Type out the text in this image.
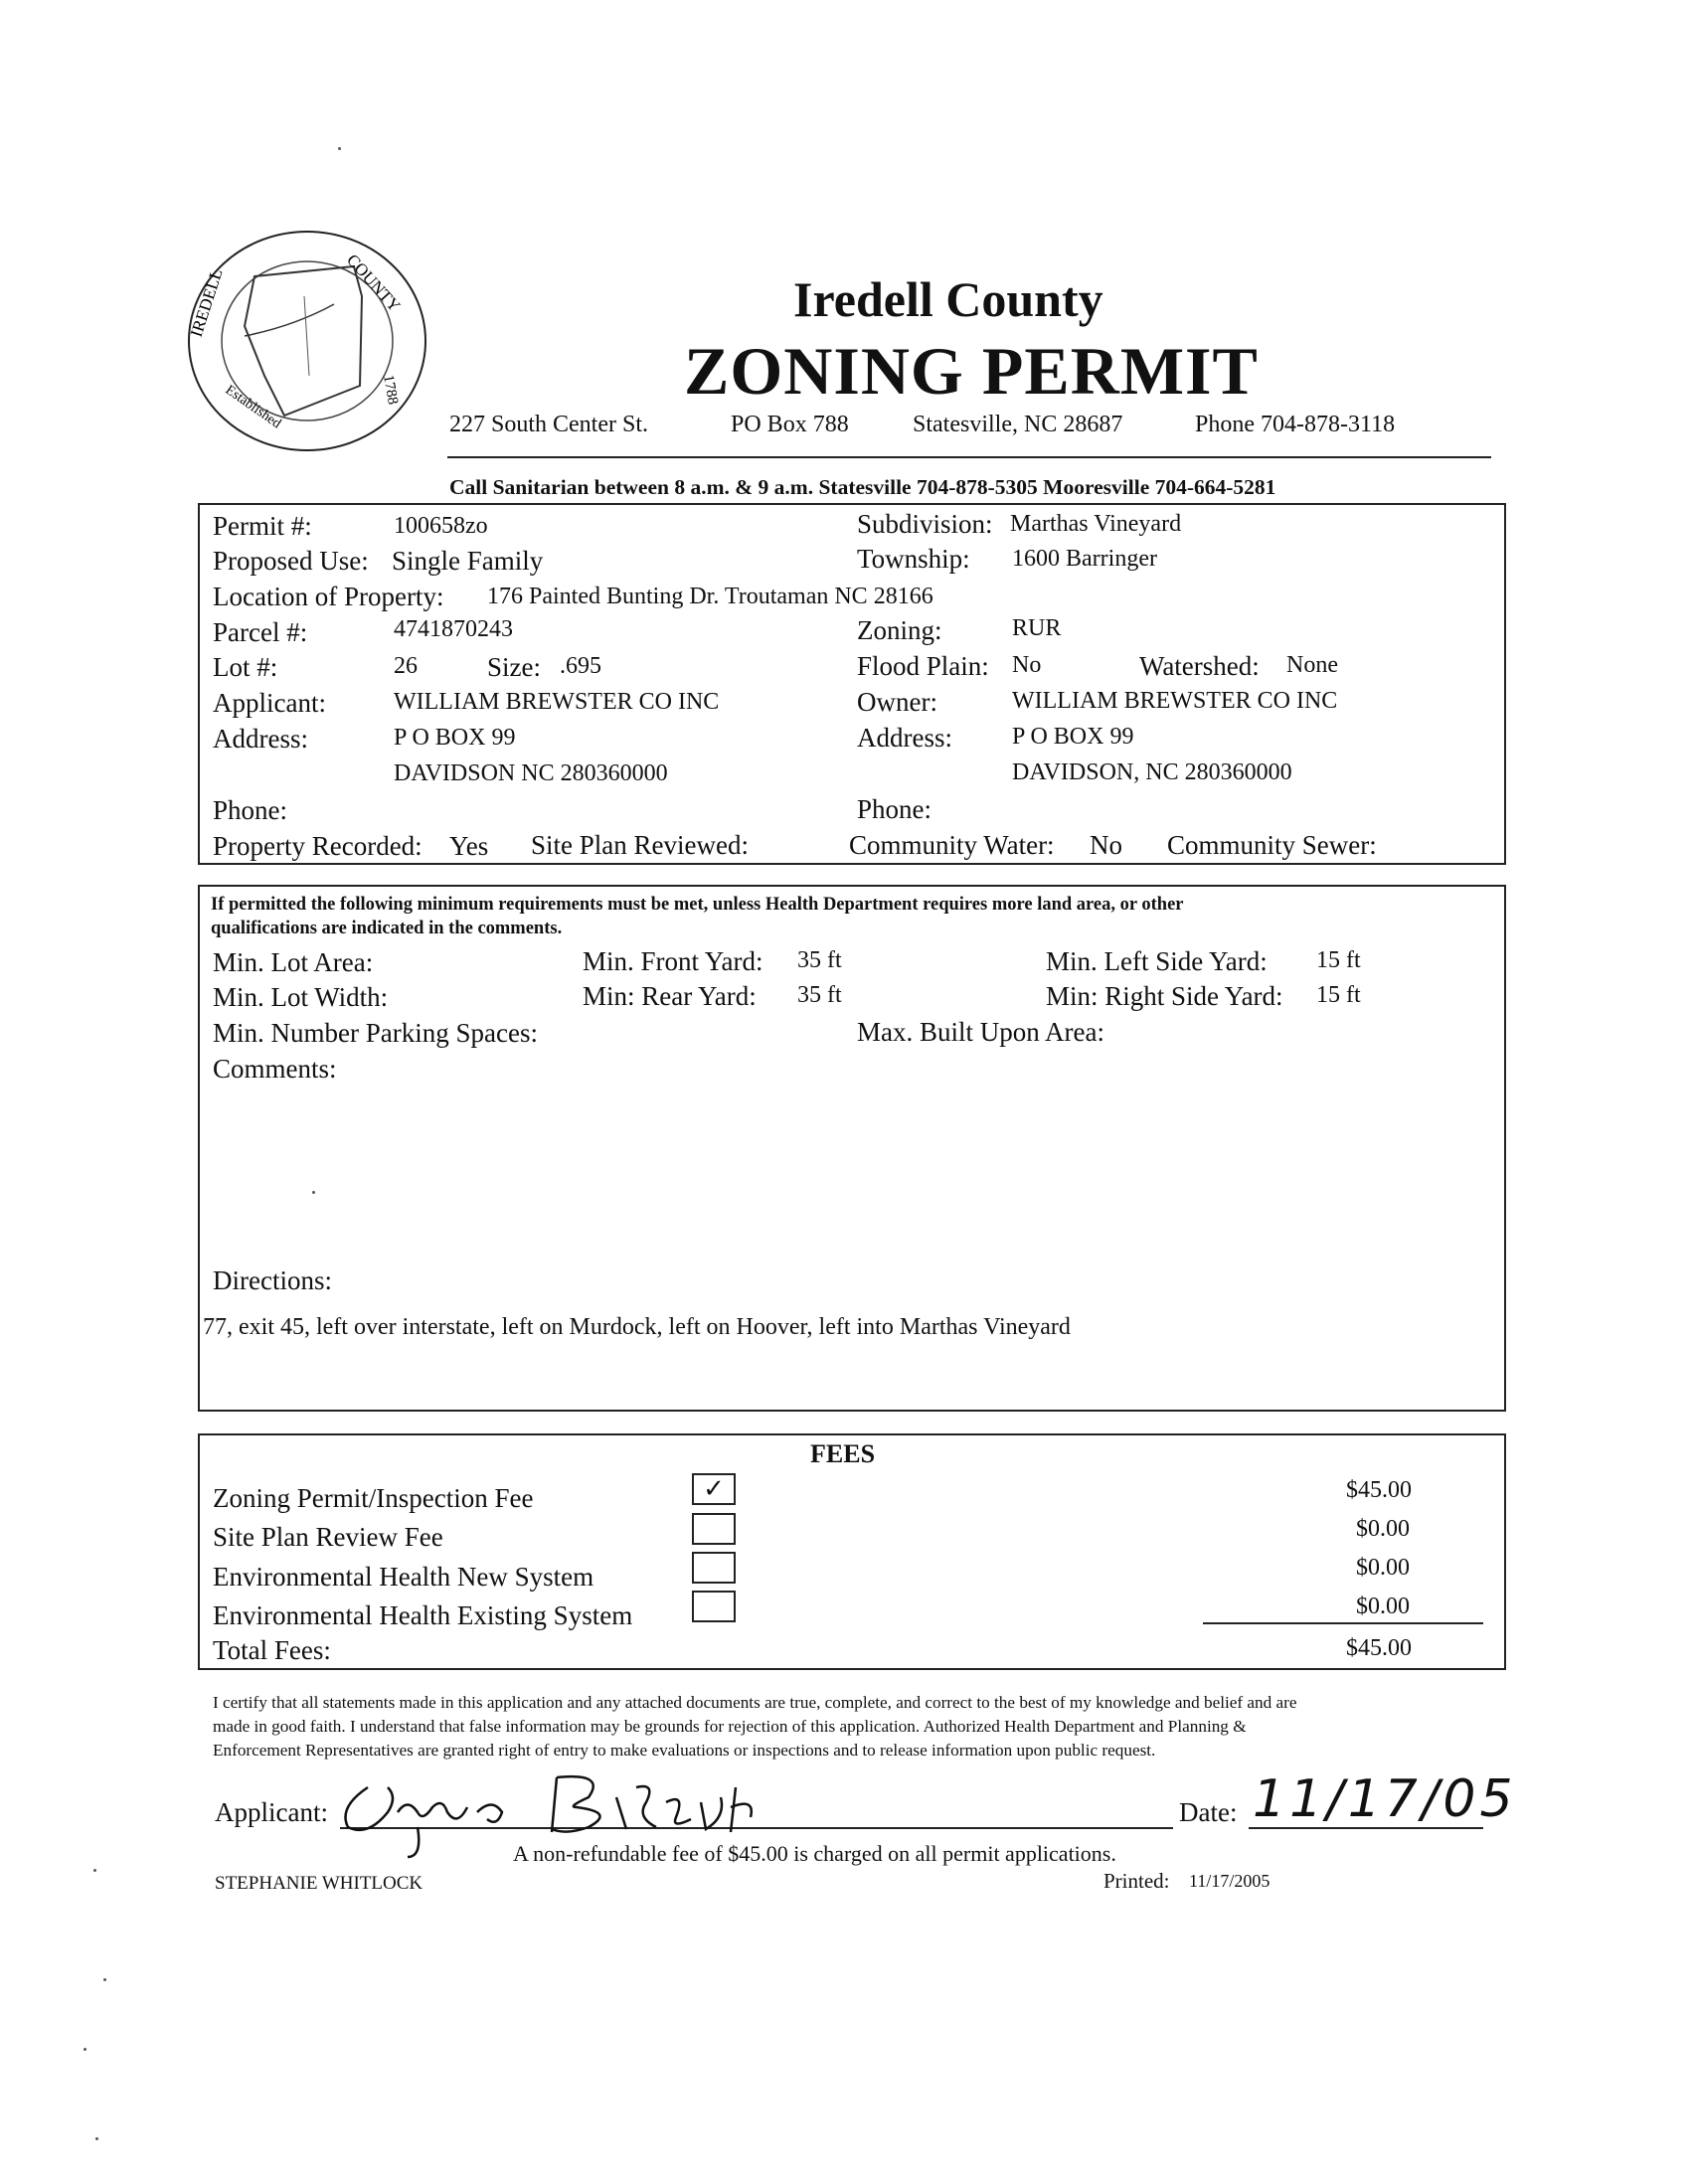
IREDELL	COUNTY
1788
Established
Iredell County
ZONING PERMIT
227 South Center St.	PO Box 788	Statesville, NC 28687	Phone 704-878-3118
Call Sanitarian between 8 a.m. & 9 a.m. Statesville 704-878-5305 Mooresville 704-664-5281
Permit #:	100658zo	Subdivision: Marthas Vineyard
Proposed Use: Single Family	Township: 1600 Barringer
Location of Property: 176 Painted Bunting Dr. Troutaman NC 28166
Parcel #:	4741870243	Zoning:	RUR
Lot #:	26	Size: .695	Flood Plain: No	Watershed: None
Applicant:	WILLIAM BREWSTER CO INC	Owner:	WILLIAM BREWSTER CO INC
Address:	P O BOX 99	Address:	P O BOX 99
DAVIDSON NC 280360000	DAVIDSON, NC 280360000
Phone:	Phone:
Property Recorded: Yes Site Plan Reviewed:	Community Water: No Community Sewer:
If permitted the following minimum requirements must be met, unless Health Department requires more land area, or other
qualifications are indicated in the comments.
Min. Lot Area:	Min. Front Yard: 35 ft	Min. Left Side Yard: 15 ft
Min. Lot Width:	Min: Rear Yard: 35 ft	Min: Right Side Yard: 15 ft
Min. Number Parking Spaces:	Max. Built Upon Area:
Comments:
Directions:
77, exit 45, left over interstate, left on Murdock, left on Hoover, left into Marthas Vineyard
FEES
Zoning Permit/Inspection Fee	✓	$45.00
Site Plan Review Fee	$0.00
Environmental Health New System	$0.00
Environmental Health Existing System	$0.00
Total Fees:	$45.00
I certify that all statements made in this application and any attached documents are true, complete, and correct to the best of my knowledge and belief and are
made in good faith. I understand that false information may be grounds for rejection of this application. Authorized Health Department and Planning &
Enforcement Representatives are granted right of entry to make evaluations or inspections and to release information upon public request.
Applicant:	Date: 11/17/05
A non-refundable fee of $45.00 is charged on all permit applications.
STEPHANIE WHITLOCK	Printed: 11/17/2005
